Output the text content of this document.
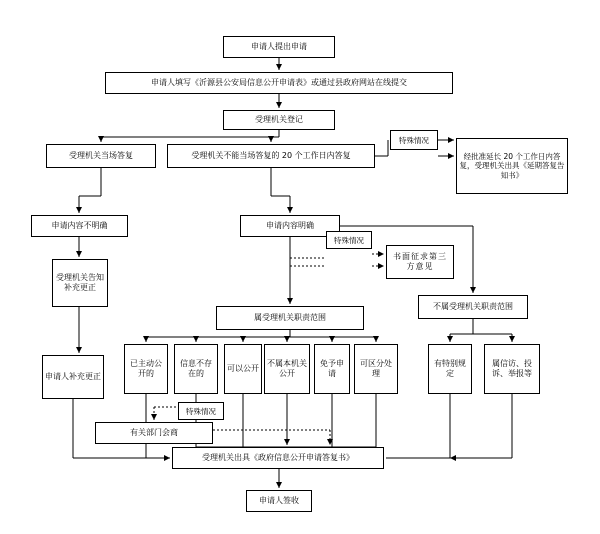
申请人提出申请
申请人填写《沂源县公安局信息公开申请表》或通过县政府网站在线提交
受理机关登记
受理机关当场答复	受理机关不能当场答复的 20 个工作日内答复	经批准延长 20 个工作日内答复，受理机关出具《延期答复告知书》
申请内容不明确	申请内容明确
受理机关告知补充更正
书面征求第三方意见
属受理机关职责范围
不属受理机关职责范围
申请人补充更正
已主动公开的
信息不存在的
可以公开
不属本机关公开
免予申请
可区分处理
有特别规定
属信访、投诉、举报等
有关部门会商
受理机关出具《政府信息公开申请答复书》
申请人签收
特殊情况
特殊情况
特殊情况
